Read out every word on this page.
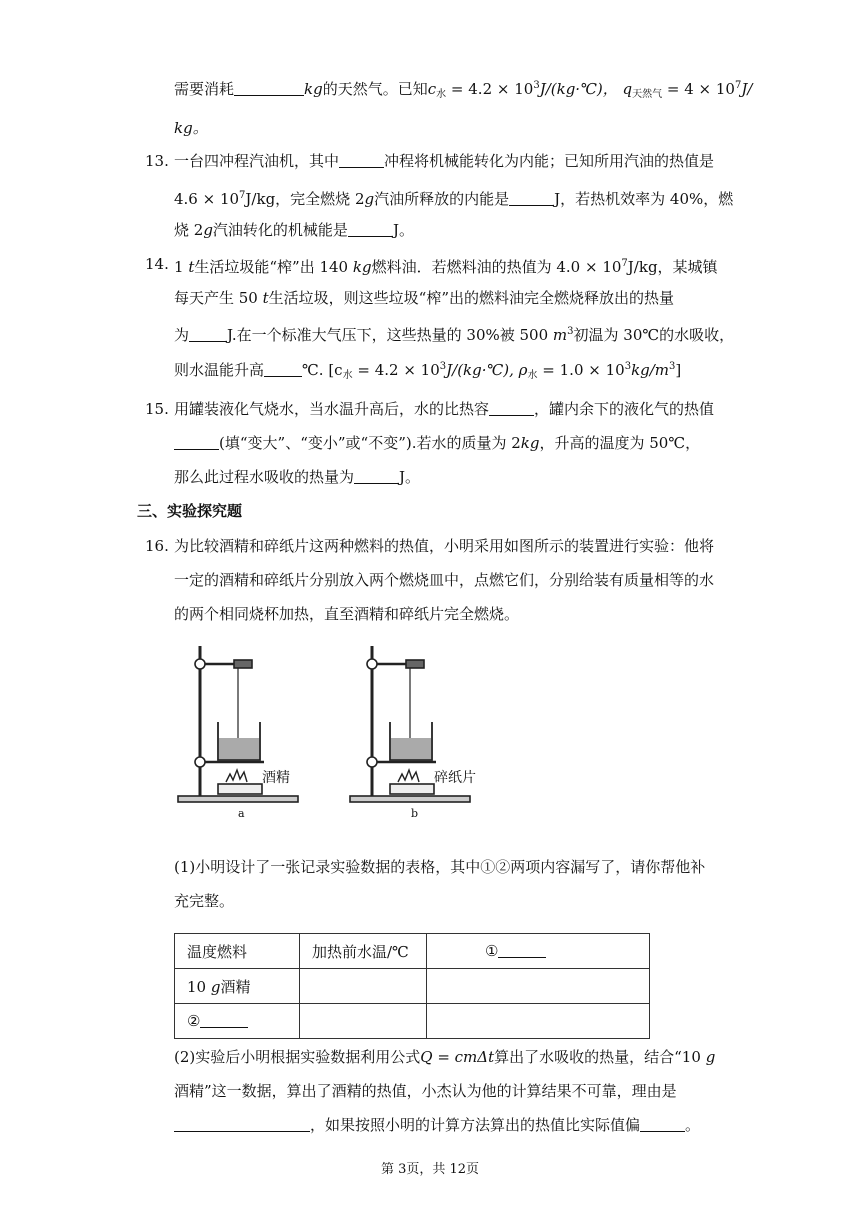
需要消耗	kg的天然气。已知$c_水 = 4.2$ × $10^3J/(kg\cdot℃)$， $q_{天然气} = 4 \times 10^7J/$
kg。
13. 一台四冲程汽油机，其中	冲程将机械能转化为内能；已知所用汽油的热值是
$4.6 \times 10^7J/kg$，完全燃烧 2g汽油所释放的内能是	J，若热机效率为 40%，燃
烧 2g汽油转化的机械能是	J。
14. 1 t生活垃圾能“榨”出 140 kg燃料油．若燃料油的热值为 $4.0 \times 10^7J/kg$，某城镇
每天产生 50 t生活垃圾，则这些垃圾“榨”出的燃料油完全燃烧释放出的热量
为	J.在一个标准大气压下，这些热量的 30%被 500 $m^3$初温为 30℃的水吸收，
则水温能升高	℃. [$c_水 = 4.2$ × $10^3J/(kg\cdot℃)$, $\rho_水 = 1.0 \times 10^3kg/m^3$]
15. 用罐装液化气烧水，当水温升高后，水的比热容	，罐内余下的液化气的热值
(填“变大”、“变小”或“不变”).若水的质量为 2kg，升高的温度为 50℃，
那么此过程水吸收的热量为	J。
三、实验探究题
16. 为比较酒精和碎纸片这两种燃料的热值，小明采用如图所示的装置进行实验：他将
一定的酒精和碎纸片分别放入两个燃烧皿中，点燃它们，分别给装有质量相等的水
的两个相同烧杯加热，直至酒精和碎纸片完全燃烧。
酒精
a
碎纸片
b
(1)小明设计了一张记录实验数据的表格，其中①②两项内容漏写了，请你帮他补
充完整。
温度燃料	加热前水温/℃	①
10 g酒精		
②		
(2)实验后小明根据实验数据利用公式Q = cmΔt算出了水吸收的热量，结合“10 g
酒精”这一数据，算出了酒精的热值，小杰认为他的计算结果不可靠，理由是
，如果按照小明的计算方法算出的热值比实际值偏	。
第 3页，共 12页
